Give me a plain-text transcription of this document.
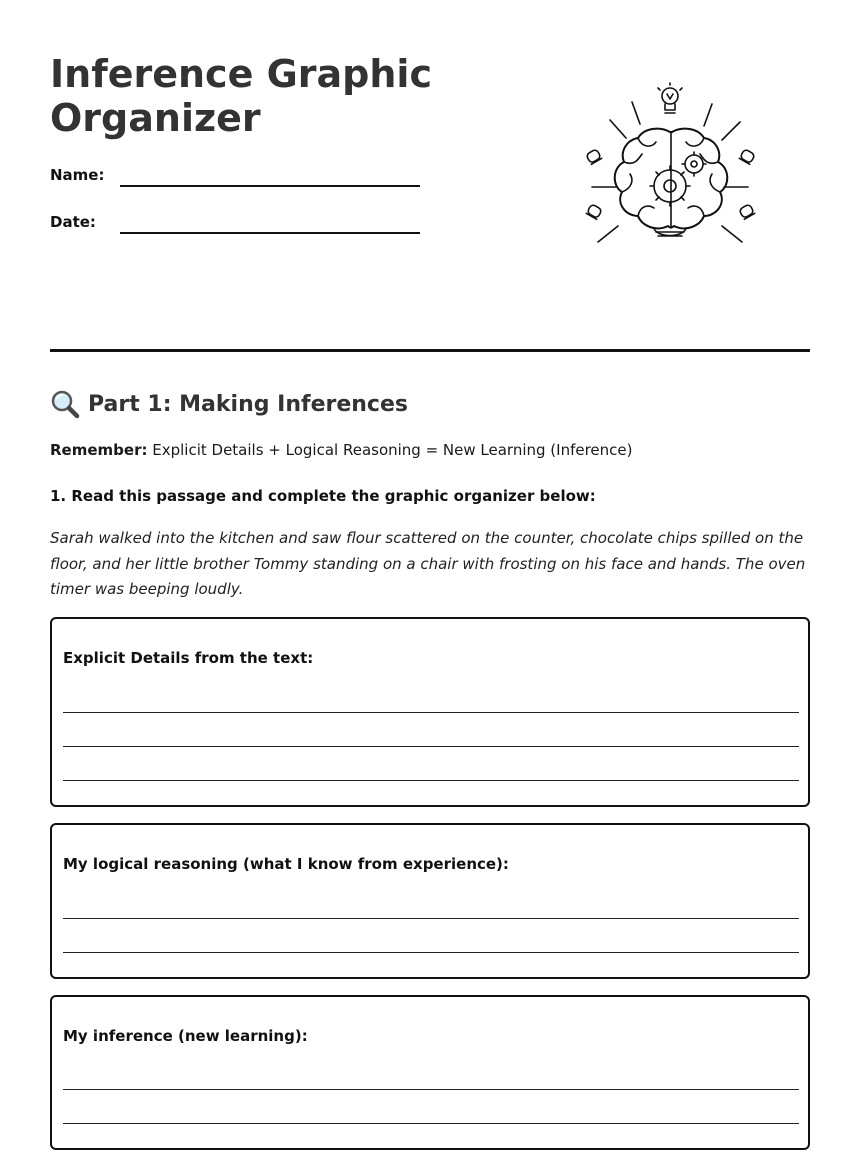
Inference Graphic
Organizer
Name:
Date:
Part 1: Making Inferences
Remember: Explicit Details + Logical Reasoning = New Learning (Inference)
1. Read this passage and complete the graphic organizer below:

Sarah walked into the kitchen and saw flour scattered on the counter, chocolate chips spilled on the floor, and her little brother Tommy standing on a chair with frosting on his face and hands. The oven timer was beeping loudly.

Explicit Details from the text:
My logical reasoning (what I know from experience):
My inference (new learning):
